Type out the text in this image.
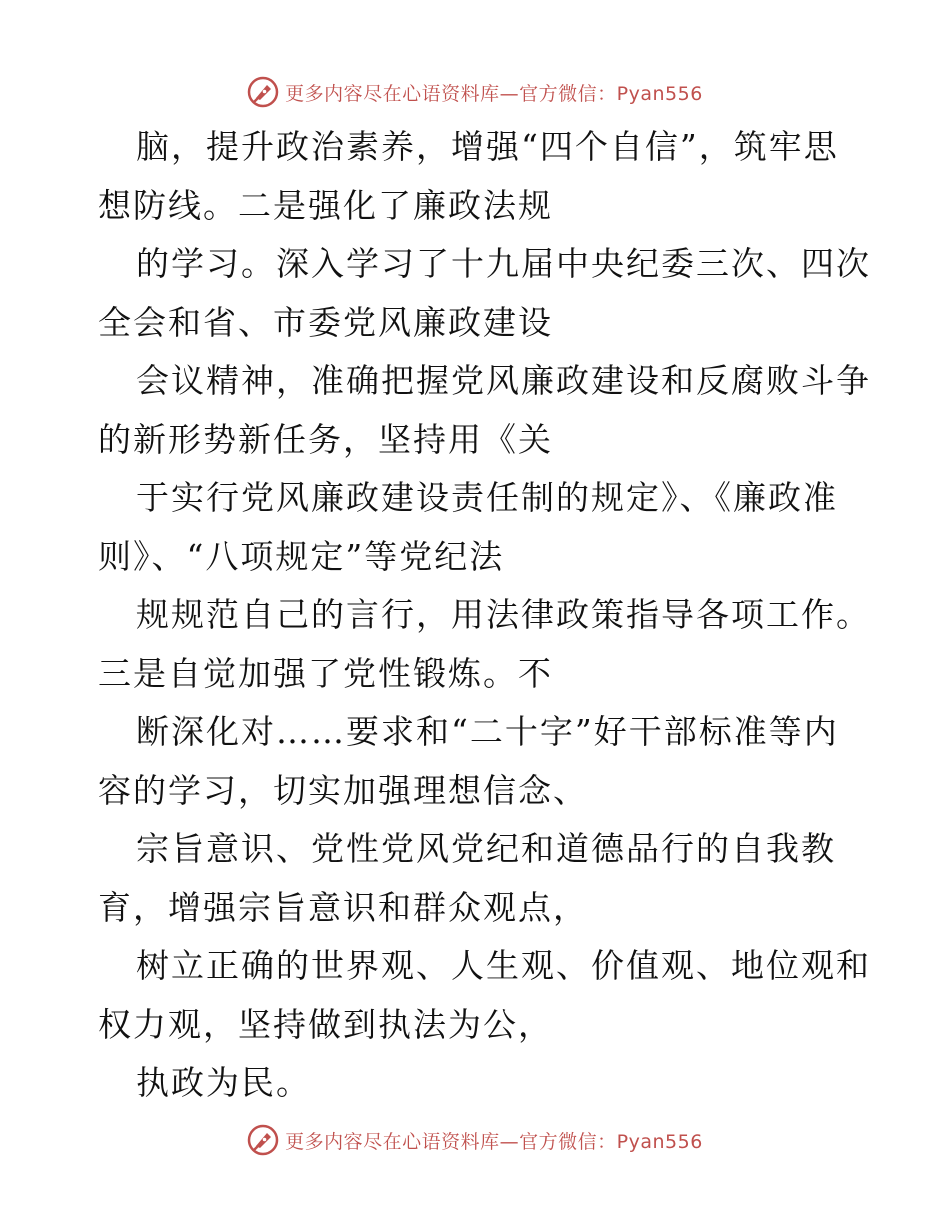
更多内容尽在心语资料库—官方微信：Pyan556
脑，提升政治素养，增强“四个自信”，筑牢思
想防线。二是强化了廉政法规
的学习。深入学习了十九届中央纪委三次、四次
全会和省、市委党风廉政建设
会议精神，准确把握党风廉政建设和反腐败斗争
的新形势新任务，坚持用《关
于实行党风廉政建设责任制的规定》、《廉政准
则》、“八项规定”等党纪法
规规范自己的言行，用法律政策指导各项工作。
三是自觉加强了党性锻炼。不
断深化对……要求和“二十字”好干部标准等内
容的学习，切实加强理想信念、
宗旨意识、党性党风党纪和道德品行的自我教
育，增强宗旨意识和群众观点，
树立正确的世界观、人生观、价值观、地位观和
权力观，坚持做到执法为公，
执政为民。
更多内容尽在心语资料库—官方微信：Pyan556
